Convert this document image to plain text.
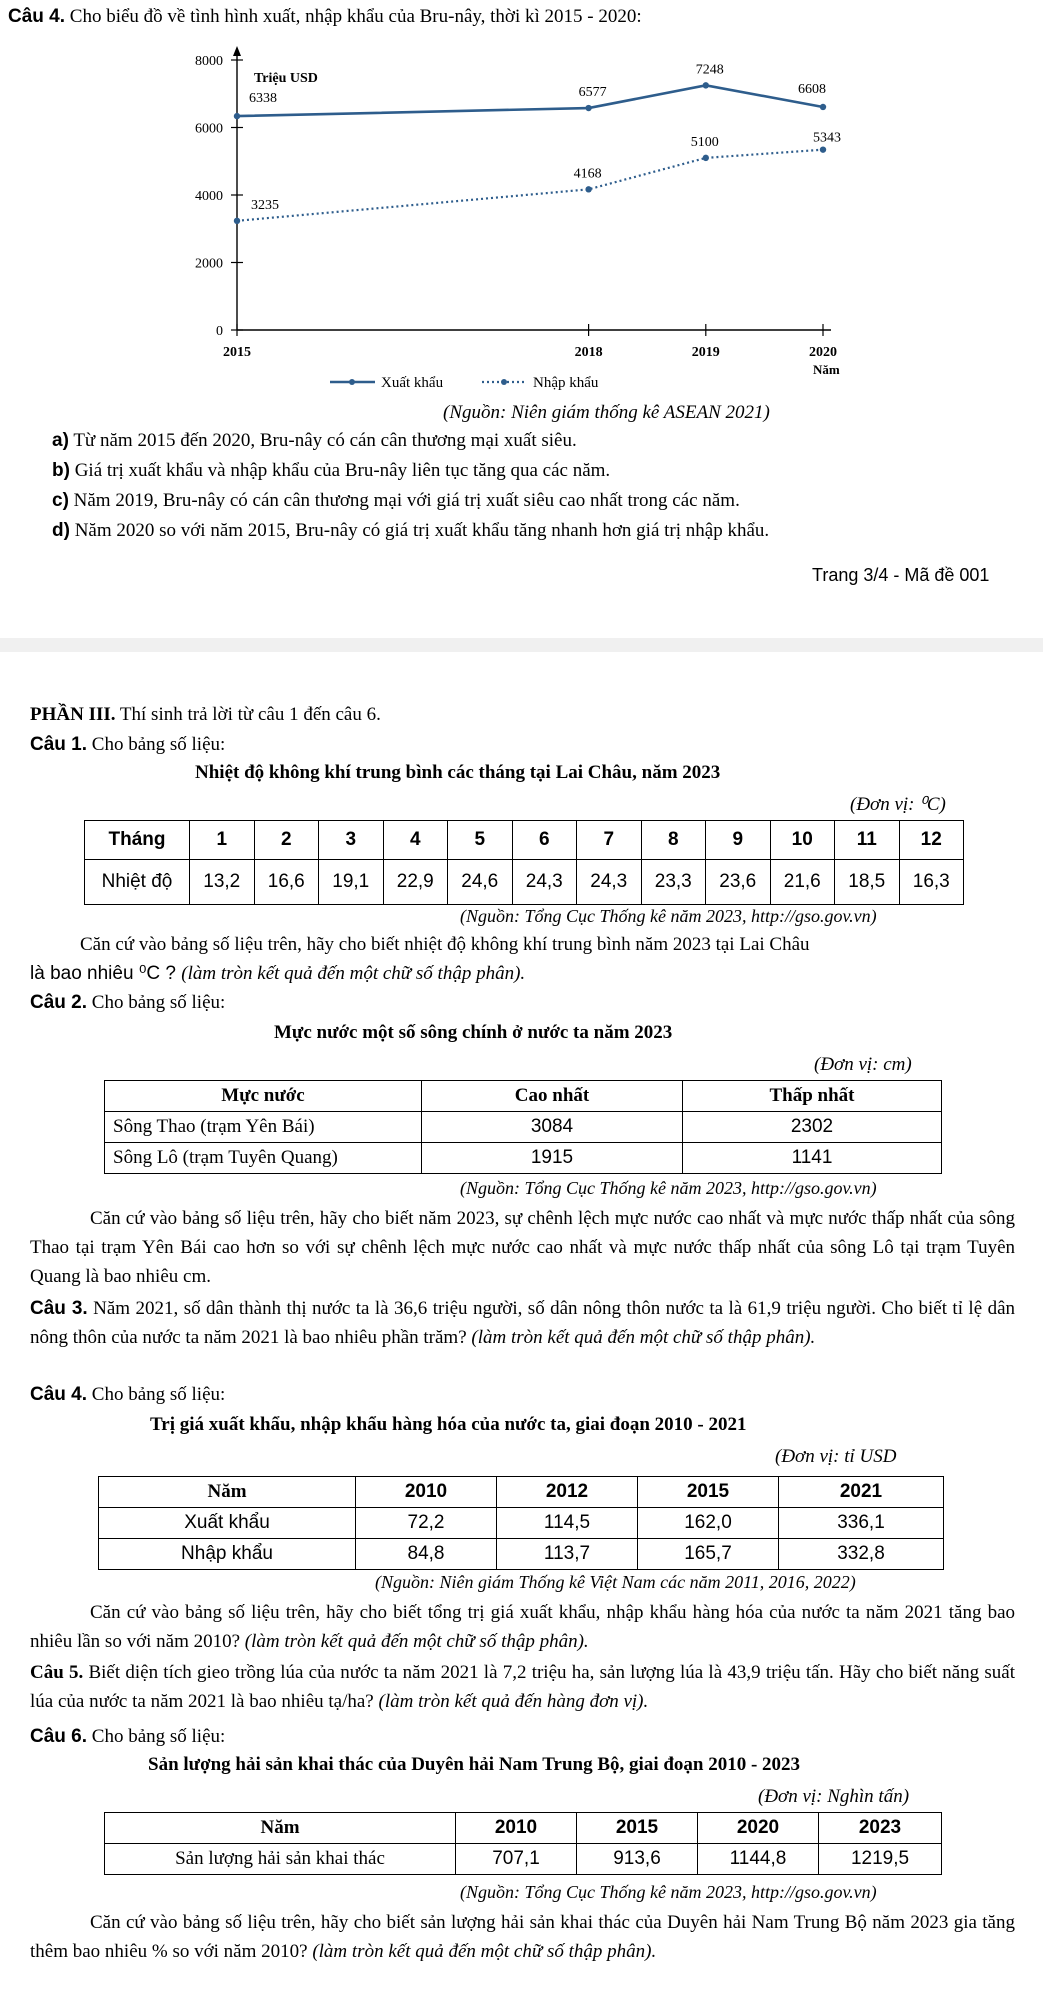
Câu 4. Cho biểu đồ về tình hình xuất, nhập khẩu của Bru-nây, thời kì 2015 - 2020:
0
2000
4000
6000
8000
2015	2018	2019	2020
Triệu USD
Năm
6338	6577
7248
6608
3235
4168
5100	5343
Xuất khẩu	Nhập khẩu
(Nguồn: Niên giám thống kê ASEAN 2021)
a) Từ năm 2015 đến 2020, Bru-nây có cán cân thương mại xuất siêu.
b) Giá trị xuất khẩu và nhập khẩu của Bru-nây liên tục tăng qua các năm.
c) Năm 2019, Bru-nây có cán cân thương mại với giá trị xuất siêu cao nhất trong các năm.
d) Năm 2020 so với năm 2015, Bru-nây có giá trị xuất khẩu tăng nhanh hơn giá trị nhập khẩu.
Trang 3/4 - Mã đề 001
PHẦN III. Thí sinh trả lời từ câu 1 đến câu 6.
Câu 1. Cho bảng số liệu:
Nhiệt độ không khí trung bình các tháng tại Lai Châu, năm 2023
(Đơn vị: ⁰C)
Tháng	1	2	3	4	5	6	7	8	9	10	11	12
Nhiệt độ	13,2	16,6	19,1	22,9	24,6	24,3	24,3	23,3	23,6	21,6	18,5	16,3
(Nguồn: Tổng Cục Thống kê năm 2023, http://gso.gov.vn)
Căn cứ vào bảng số liệu trên, hãy cho biết nhiệt độ không khí trung bình năm 2023 tại Lai Châu
là bao nhiêu ⁰C ? (làm tròn kết quả đến một chữ số thập phân).
Câu 2. Cho bảng số liệu:
Mực nước một số sông chính ở nước ta năm 2023
(Đơn vị: cm)
Mực nước	Cao nhất	Thấp nhất
Sông Thao (trạm Yên Bái)	3084	2302
Sông Lô (trạm Tuyên Quang)	1915	1141
(Nguồn: Tổng Cục Thống kê năm 2023, http://gso.gov.vn)
Căn cứ vào bảng số liệu trên, hãy cho biết năm 2023, sự chênh lệch mực nước cao nhất và mực nước thấp nhất của sông Thao tại trạm Yên Bái cao hơn so với sự chênh lệch mực nước cao nhất và mực nước thấp nhất của sông Lô tại trạm Tuyên Quang là bao nhiêu cm.
Câu 3. Năm 2021, số dân thành thị nước ta là 36,6 triệu người, số dân nông thôn nước ta là 61,9 triệu người. Cho biết tỉ lệ dân nông thôn của nước ta năm 2021 là bao nhiêu phần trăm? (làm tròn kết quả đến một chữ số thập phân).
Câu 4. Cho bảng số liệu:
Trị giá xuất khẩu, nhập khẩu hàng hóa của nước ta, giai đoạn 2010 - 2021
(Đơn vị: tỉ USD
Năm	2010	2012	2015	2021
Xuất khẩu	72,2	114,5	162,0	336,1
Nhập khẩu	84,8	113,7	165,7	332,8
(Nguồn: Niên giám Thống kê Việt Nam các năm 2011, 2016, 2022)
Căn cứ vào bảng số liệu trên, hãy cho biết tổng trị giá xuất khẩu, nhập khẩu hàng hóa của nước ta năm 2021 tăng bao nhiêu lần so với năm 2010? (làm tròn kết quả đến một chữ số thập phân).
Câu 5. Biết diện tích gieo trồng lúa của nước ta năm 2021 là 7,2 triệu ha, sản lượng lúa là 43,9 triệu tấn. Hãy cho biết năng suất lúa của nước ta năm 2021 là bao nhiêu tạ/ha? (làm tròn kết quả đến hàng đơn vị).
Câu 6. Cho bảng số liệu:
Sản lượng hải sản khai thác của Duyên hải Nam Trung Bộ, giai đoạn 2010 - 2023
(Đơn vị: Nghìn tấn)
Năm	2010	2015	2020	2023
Sản lượng hải sản khai thác	707,1	913,6	1144,8	1219,5
(Nguồn: Tổng Cục Thống kê năm 2023, http://gso.gov.vn)
Căn cứ vào bảng số liệu trên, hãy cho biết sản lượng hải sản khai thác của Duyên hải Nam Trung Bộ năm 2023 gia tăng thêm bao nhiêu % so với năm 2010? (làm tròn kết quả đến một chữ số thập phân).
